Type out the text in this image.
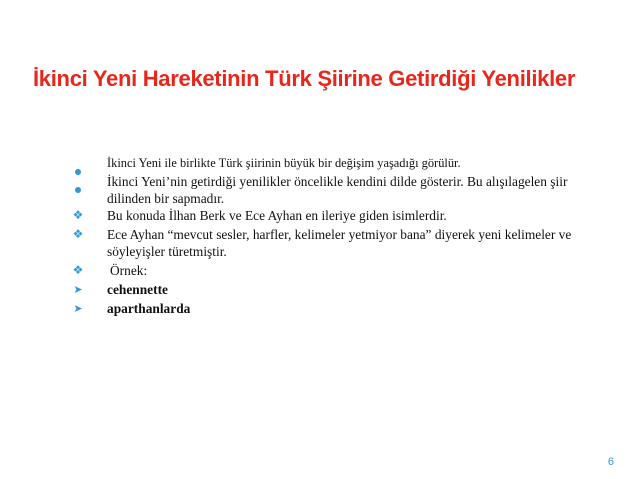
İkinci Yeni Hareketinin Türk Şiirine Getirdiği Yenilikler
İkinci Yeni ile birlikte Türk şiirinin büyük bir değişim yaşadığı görülür.
İkinci Yeni’nin getirdiği yenilikler öncelikle kendini dilde gösterir. Bu alışılagelen şiir dilinden bir sapmadır.
❖ Bu konuda İlhan Berk ve Ece Ayhan en ileriye giden isimlerdir.
❖ Ece Ayhan “mevcut sesler, harfler, kelimeler yetmiyor bana” diyerek yeni kelimeler ve söyleyişler türetmiştir.
❖ Örnek:
➤ cehennette
➤ aparthanlarda
6
